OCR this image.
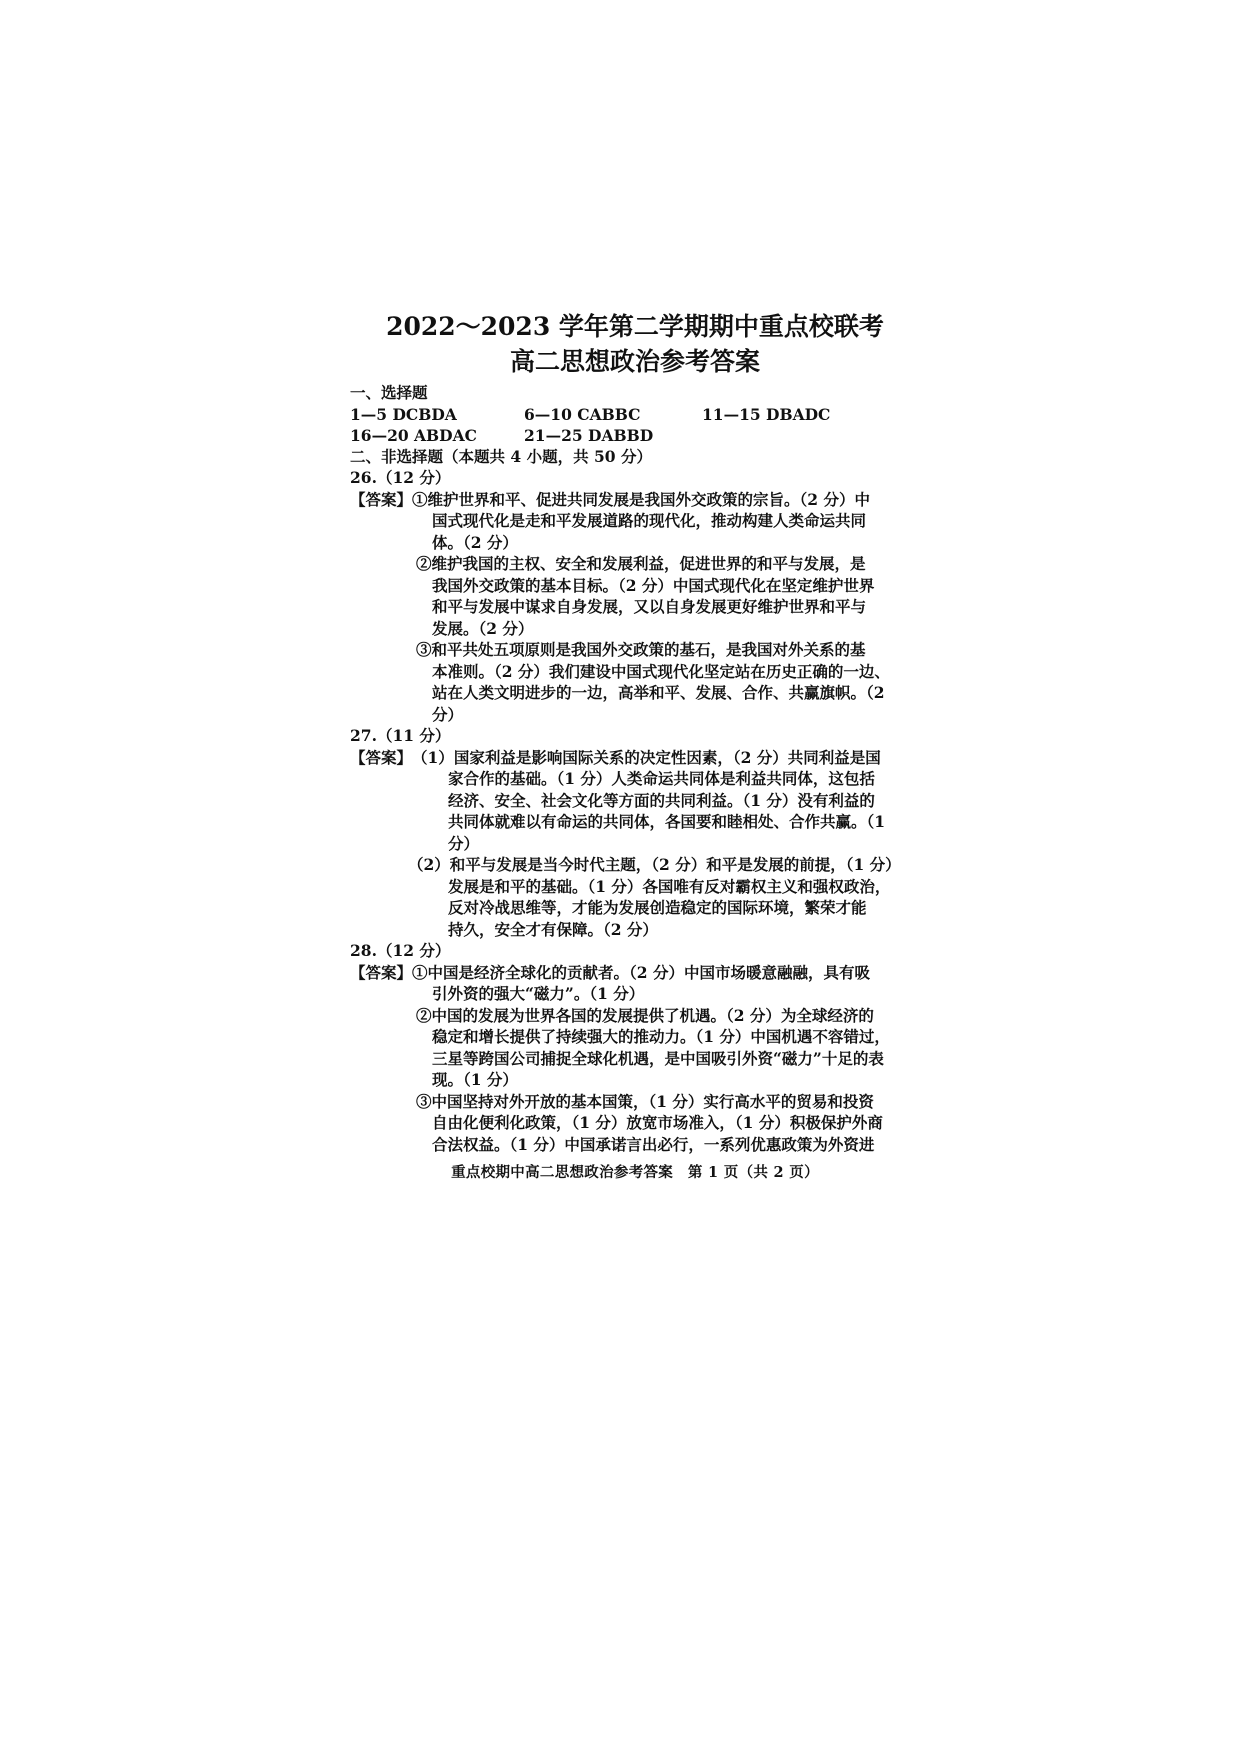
2022～2023 学年第二学期期中重点校联考
高二思想政治参考答案
一、选择题
1—5 DCBDA	6—10 CABBC	11—15 DBADC
16—20 ABDAC	21—25 DABBD
二、非选择题（本题共 4 小题，共 50 分）
26.（12 分）
【答案】 ①维护世界和平、促进共同发展是我国外交政策的宗旨。（2 分）中
国式现代化是走和平发展道路的现代化，推动构建人类命运共同
体。（2 分）
②维护我国的主权、安全和发展利益，促进世界的和平与发展，是
我国外交政策的基本目标。（2 分）中国式现代化在坚定维护世界
和平与发展中谋求自身发展，又以自身发展更好维护世界和平与
发展。（2 分）
③和平共处五项原则是我国外交政策的基石，是我国对外关系的基
本准则。（2 分）我们建设中国式现代化坚定站在历史正确的一边、
站在人类文明进步的一边，高举和平、发展、合作、共赢旗帜。（2
分）
27.（11 分）
【答案】 （1） 国家利益是影响国际关系的决定性因素，（2 分）共同利益是国
家合作的基础。（1 分）人类命运共同体是利益共同体，这包括
经济、安全、社会文化等方面的共同利益。（1 分）没有利益的
共同体就难以有命运的共同体，各国要和睦相处、合作共赢。（1
分）
（2） 和平与发展是当今时代主题，（2 分）和平是发展的前提，（1 分）
发展是和平的基础。（1 分）各国唯有反对霸权主义和强权政治，
反对冷战思维等，才能为发展创造稳定的国际环境，繁荣才能
持久，安全才有保障。（2 分）
28.（12 分）
【答案】 ①中国是经济全球化的贡献者。（2 分）中国市场暖意融融，具有吸
引外资的强大“磁力”。（1 分）
②中国的发展为世界各国的发展提供了机遇。（2 分）为全球经济的
稳定和增长提供了持续强大的推动力。（1 分）中国机遇不容错过，
三星等跨国公司捕捉全球化机遇，是中国吸引外资“磁力”十足的表
现。（1 分）
③中国坚持对外开放的基本国策，（1 分）实行高水平的贸易和投资
自由化便利化政策，（1 分）放宽市场准入，（1 分）积极保护外商
合法权益。（1 分）中国承诺言出必行，一系列优惠政策为外资进
重点校期中高二思想政治参考答案　第 1 页（共 2 页）
